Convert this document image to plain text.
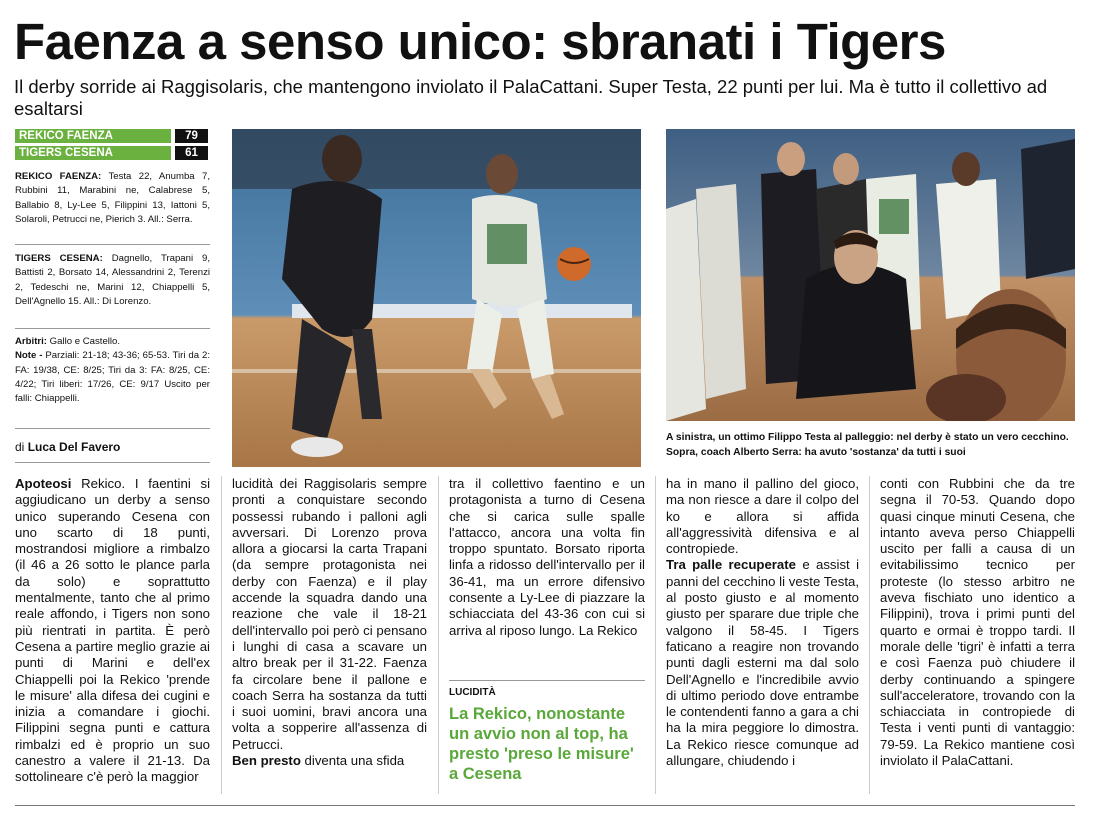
Faenza a senso unico: sbranati i Tigers
Il derby sorride ai Raggisolaris, che mantengono inviolato il PalaCattani. Super Testa, 22 punti per lui. Ma è tutto il collettivo ad esaltarsi
REKICO FAENZA	79
TIGERS CESENA	61
REKICO FAENZA: Testa 22, Anumba 7, Rubbini 11, Marabini ne, Calabrese 5, Ballabio 8, Ly-Lee 5, Filippini 13, Iattoni 5, Solaroli, Petrucci ne, Pierich 3. All.: Serra.
TIGERS CESENA: Dagnello, Trapani 9, Battisti 2, Borsato 14, Alessandrini 2, Terenzi 2, Tedeschi ne, Marini 12, Chiappelli 5, Dell'Agnello 15. All.: Di Lorenzo.
Arbitri: Gallo e Castello.
Note - Parziali: 21-18; 43-36; 65-53. Tiri da 2: FA: 19/38, CE: 8/25; Tiri da 3: FA: 8/25, CE: 4/22; Tiri liberi: 17/26, CE: 9/17 Uscito per falli: Chiappelli.
di Luca Del Favero
A sinistra, un ottimo Filippo Testa al palleggio: nel derby è stato un vero cecchino. Sopra, coach Alberto Serra: ha avuto 'sostanza' da tutti i suoi
Apoteosi Rekico. I faentini si aggiudicano un derby a senso unico superando Cesena con uno scarto di 18 punti, mostrandosi migliore a rimbalzo (il 46 a 26 sotto le plance parla da solo) e soprattutto mentalmente, tanto che al primo reale affondo, i Tigers non sono più rientrati in partita. È però Cesena a partire meglio grazie ai punti di Marini e dell'ex Chiappelli poi la Rekico 'prende le misure' alla difesa dei cugini e inizia a comandare i giochi. Filippini segna punti e cattura rimbalzi ed è proprio un suo canestro a valere il 21-13. Da sottolineare c'è però la maggior
lucidità dei Raggisolaris sempre pronti a conquistare secondo possessi rubando i palloni agli avversari. Di Lorenzo prova allora a giocarsi la carta Trapani (da sempre protagonista nei derby con Faenza) e il play accende la squadra dando una reazione che vale il 18-21 dell'intervallo poi però ci pensano i lunghi di casa a scavare un altro break per il 31-22. Faenza fa circolare bene il pallone e coach Serra ha sostanza da tutti i suoi uomini, bravi ancora una volta a sopperire all'assenza di Petrucci.
Ben presto diventa una sfida
tra il collettivo faentino e un protagonista a turno di Cesena che si carica sulle spalle l'attacco, ancora una volta fin troppo spuntato. Borsato riporta linfa a ridosso dell'intervallo per il 36-41, ma un errore difensivo consente a Ly-Lee di piazzare la schiacciata del 43-36 con cui si arriva al riposo lungo. La Rekico
LUCIDITÀ
La Rekico, nonostante un avvio non al top, ha presto 'preso le misure' a Cesena
ha in mano il pallino del gioco, ma non riesce a dare il colpo del ko e allora si affida all'aggressività difensiva e al contropiede.
Tra palle recuperate e assist i panni del cecchino li veste Testa, al posto giusto e al momento giusto per sparare due triple che valgono il 58-45. I Tigers faticano a reagire non trovando punti dagli esterni ma dal solo Dell'Agnello e l'incredibile avvio di ultimo periodo dove entrambe le contendenti fanno a gara a chi ha la mira peggiore lo dimostra. La Rekico riesce comunque ad allungare, chiudendo i
conti con Rubbini che da tre segna il 70-53. Quando dopo quasi cinque minuti Cesena, che intanto aveva perso Chiappelli uscito per falli a causa di un evitabilissimo tecnico per proteste (lo stesso arbitro ne aveva fischiato uno identico a Filippini), trova i primi punti del quarto e ormai è troppo tardi. Il morale delle 'tigri' è infatti a terra e così Faenza può chiudere il derby continuando a spingere sull'acceleratore, trovando con la schiacciata in contropiede di Testa i venti punti di vantaggio: 79-59. La Rekico mantiene così inviolato il PalaCattani.
